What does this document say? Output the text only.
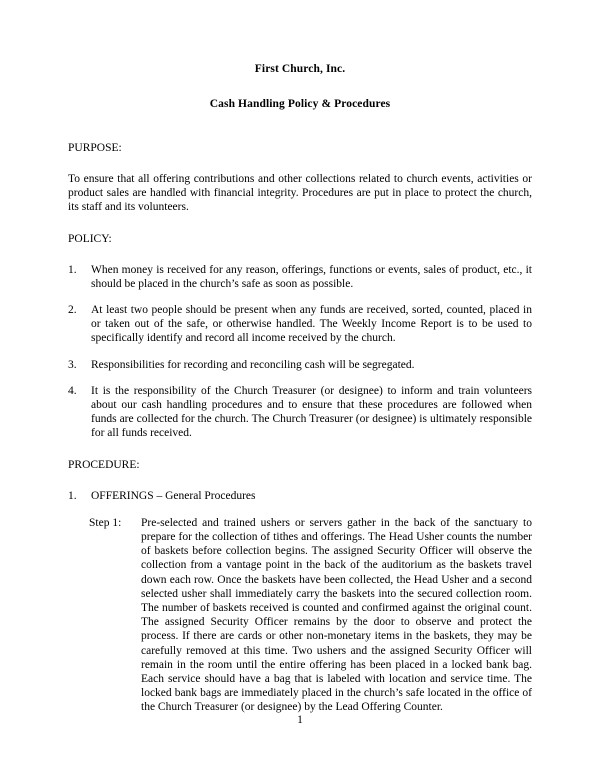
First Church, Inc.
Cash Handling Policy & Procedures
PURPOSE:

To ensure that all offering contributions and other collections related to church events, activities or product sales are handled with financial integrity. Procedures are put in place to protect the church, its staff and its volunteers.

POLICY:
1.	When money is received for any reason, offerings, functions or events, sales of product, etc., it should be placed in the church’s safe as soon as possible.
2.	At least two people should be present when any funds are received, sorted, counted, placed in or taken out of the safe, or otherwise handled. The Weekly Income Report is to be used to specifically identify and record all income received by the church.
3.	Responsibilities for recording and reconciling cash will be segregated.
4.	It is the responsibility of the Church Treasurer (or designee) to inform and train volunteers about our cash handling procedures and to ensure that these procedures are followed when funds are collected for the church. The Church Treasurer (or designee) is ultimately responsible for all funds received.
PROCEDURE:
1.	OFFERINGS – General Procedures
Step 1: Pre-selected and trained ushers or servers gather in the back of the sanctuary to prepare for the collection of tithes and offerings. The Head Usher counts the number of baskets before collection begins. The assigned Security Officer will observe the collection from a vantage point in the back of the auditorium as the baskets travel down each row. Once the baskets have been collected, the Head Usher and a second selected usher shall immediately carry the baskets into the secured collection room. The number of baskets received is counted and confirmed against the original count. The assigned Security Officer remains by the door to observe and protect the process. If there are cards or other non-monetary items in the baskets, they may be carefully removed at this time. Two ushers and the assigned Security Officer will remain in the room until the entire offering has been placed in a locked bank bag. Each service should have a bag that is labeled with location and service time. The locked bank bags are immediately placed in the church’s safe located in the office of the Church Treasurer (or designee) by the Lead Offering Counter.
1
